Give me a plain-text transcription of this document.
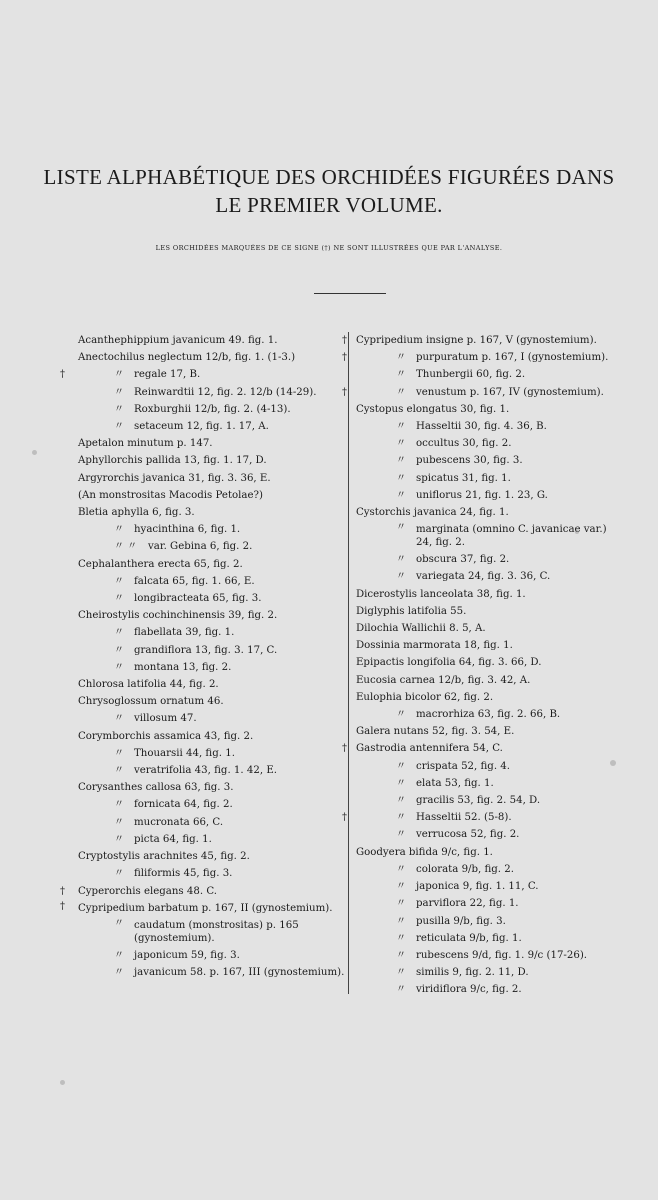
LISTE ALPHABÉTIQUE DES ORCHIDÉES FIGURÉES DANS
LE PREMIER VOLUME.
LES ORCHIDÉES MARQUÉES DE CE SIGNE (†) NE SONT ILLUSTRÉES QUE PAR L'ANALYSE.
Acanthephippium javanicum 49. fig. 1.
Anectochilus neglectum 12/b, fig. 1. (1-3.)
†	〃 regale 17, B.
〃 Reinwardtii 12, fig. 2. 12/b (14-29).
〃 Roxburghii 12/b, fig. 2. (4-13).
〃 setaceum 12, fig. 1. 17, A.
Apetalon minutum p. 147.
Aphyllorchis pallida 13, fig. 1. 17, D.
Argyrorchis javanica 31, fig. 3. 36, E.
(An monstrositas Macodis Petolae?)
Bletia aphylla 6, fig. 3.
〃 hyacinthina 6, fig. 1.
〃 〃 var. Gebina 6, fig. 2.
Cephalanthera erecta 65, fig. 2.
〃 falcata 65, fig. 1. 66, E.
〃 longibracteata 65, fig. 3.
Cheirostylis cochinchinensis 39, fig. 2.
〃 flabellata 39, fig. 1.
〃 grandiflora 13, fig. 3. 17, C.
〃 montana 13, fig. 2.
Chlorosa latifolia 44, fig. 2.
Chrysoglossum ornatum 46.
〃 villosum 47.
Corymborchis assamica 43, fig. 2.
〃 Thouarsii 44, fig. 1.
〃 veratrifolia 43, fig. 1. 42, E.
Corysanthes callosa 63, fig. 3.
〃 fornicata 64, fig. 2.
〃 mucronata 66, C.
〃 picta 64, fig. 1.
Cryptostylis arachnites 45, fig. 2.
〃 filiformis 45, fig. 3.
† Cyperorchis elegans 48. C.
† Cypripedium barbatum p. 167, II (gynostemium).
〃 caudatum (monstrositas) p. 165 (gynostemium).
〃 japonicum 59, fig. 3.
〃 javanicum 58. p. 167, III (gynostemium).
† Cypripedium insigne p. 167, V (gynostemium).
†	〃 purpuratum p. 167, I (gynostemium).
〃 Thunbergii 60, fig. 2.
†	〃 venustum p. 167, IV (gynostemium).
Cystopus elongatus 30, fig. 1.
〃 Hasseltii 30, fig. 4. 36, B.
〃 occultus 30, fig. 2.
〃 pubescens 30, fig. 3.
〃 spicatus 31, fig. 1.
〃 uniflorus 21, fig. 1. 23, G.
Cystorchis javanica 24, fig. 1.
〃 marginata (omnino C. javanicae var.) 24, fig. 2.
〃 obscura 37, fig. 2.
〃 variegata 24, fig. 3. 36, C.
Dicerostylis lanceolata 38, fig. 1.
Diglyphis latifolia 55.
Dilochia Wallichii 8. 5, A.
Dossinia marmorata 18, fig. 1.
Epipactis longifolia 64, fig. 3. 66, D.
Eucosia carnea 12/b, fig. 3. 42, A.
Eulophia bicolor 62, fig. 2.
〃 macrorhiza 63, fig. 2. 66, B.
Galera nutans 52, fig. 3. 54, E.
† Gastrodia antennifera 54, C.
〃 crispata 52, fig. 4.
〃 elata 53, fig. 1.
〃 gracilis 53, fig. 2. 54, D.
†	〃 Hasseltii 52. (5-8).
〃 verrucosa 52, fig. 2.
Goodyera bifida 9/c, fig. 1.
〃 colorata 9/b, fig. 2.
〃 japonica 9, fig. 1. 11, C.
〃 parviflora 22, fig. 1.
〃 pusilla 9/b, fig. 3.
〃 reticulata 9/b, fig. 1.
〃 rubescens 9/d, fig. 1. 9/c (17-26).
〃 similis 9, fig. 2. 11, D.
〃 viridiflora 9/c, fig. 2.
